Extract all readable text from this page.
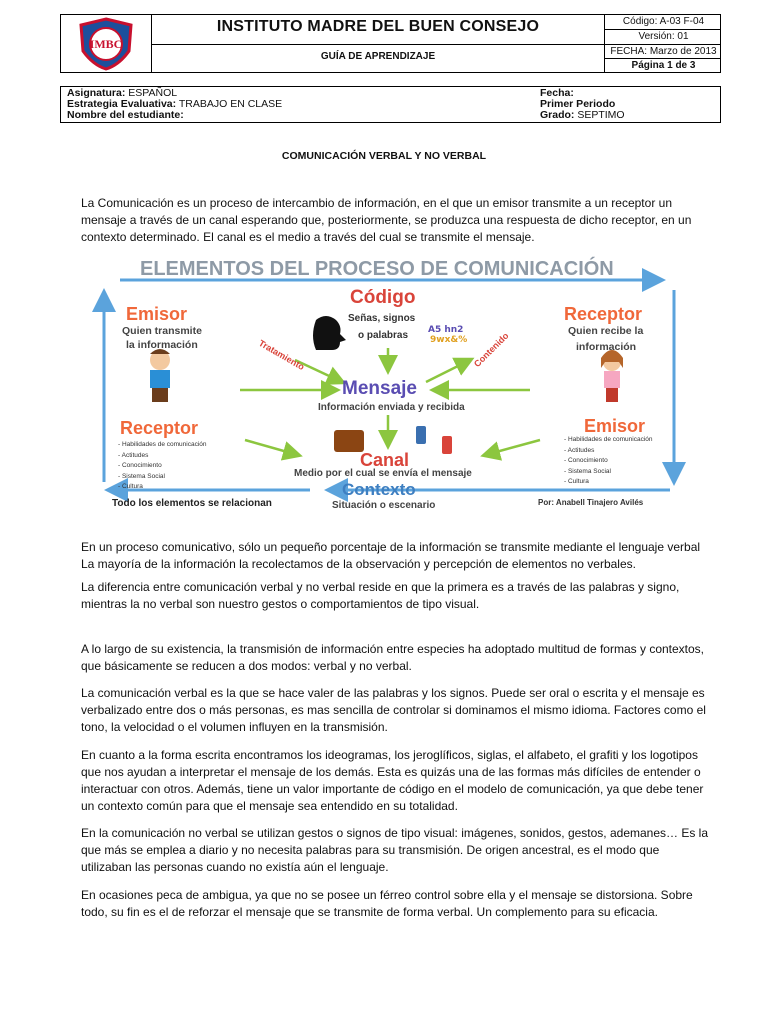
IMBC
INSTITUTO MADRE DEL BUEN CONSEJO
GUÍA DE APRENDIZAJE
Código: A-03 F-04
Versión: 01
FECHA: Marzo de 2013
Página 1 de 3
Asignatura: ESPAÑOL
Estrategia Evaluativa: TRABAJO EN CLASE
Nombre del estudiante:
Fecha:
Primer Periodo
Grado: SEPTIMO
COMUNICACIÓN VERBAL Y NO VERBAL
La Comunicación es un proceso de intercambio de información, en el que un emisor transmite a un receptor un mensaje a través de un canal esperando que, posteriormente, se produzca una respuesta de dicho receptor, en un contexto determinado. El canal es el medio a través del cual se transmite el mensaje.
A5 hn2
9wx&%
ELEMENTOS DEL PROCESO DE COMUNICACIÓN
Emisor
Quien transmite
la información
Código
Señas, signos
o palabras
Receptor
Quien recibe la
información
Tratamiento	Contenido
Mensaje
Información enviada y recibida
Receptor
- Habilidades de comunicación
- Actitudes
- Conocimiento
- Sistema Social
- Cultura
Emisor
- Habilidades de comunicación
- Actitudes
- Conocimiento
- Sistema Social
- Cultura
Canal
Medio por el cual se envía el mensaje
Contexto
Situación o escenario
Todo los elementos se relacionan	Por: Anabell Tinajero Avilés
En un proceso comunicativo, sólo un pequeño porcentaje de la información se transmite mediante el lenguaje verbal La mayoría de la información la recolectamos de la observación y percepción de elementos no verbales.
La diferencia entre comunicación verbal y no verbal reside en que la primera es a través de las palabras y signo, mientras la no verbal son nuestro gestos o comportamientos de tipo visual.
A lo largo de su existencia, la transmisión de información entre especies ha adoptado multitud de formas y contextos, que básicamente se reducen a dos modos: verbal y no verbal.
La comunicación verbal es la que se hace valer de las palabras y los signos. Puede ser oral o escrita y el mensaje es verbalizado entre dos o más personas, es mas sencilla de controlar si dominamos el mismo idioma. Factores como el tono, la velocidad o el volumen influyen en la transmisión.
En cuanto a la forma escrita encontramos los ideogramas, los jeroglíficos, siglas, el alfabeto, el grafiti y los logotipos que nos ayudan a interpretar el mensaje de los demás. Esta es quizás una de las formas más difíciles de entender o interactuar con otros. Además, tiene un valor importante de código en el modelo de comunicación, ya que debe tener un contexto común para que el mensaje sea entendido en su totalidad.
En la comunicación no verbal se utilizan gestos o signos de tipo visual: imágenes, sonidos, gestos, ademanes… Es la que más se emplea a diario y no necesita palabras para su transmisión. De origen ancestral, es el modo que utilizaban las personas cuando no existía aún el lenguaje.
En ocasiones peca de ambigua, ya que no se posee un férreo control sobre ella y el mensaje se distorsiona. Sobre todo, su fin es el de reforzar el mensaje que se transmite de forma verbal. Un complemento para su eficacia.
